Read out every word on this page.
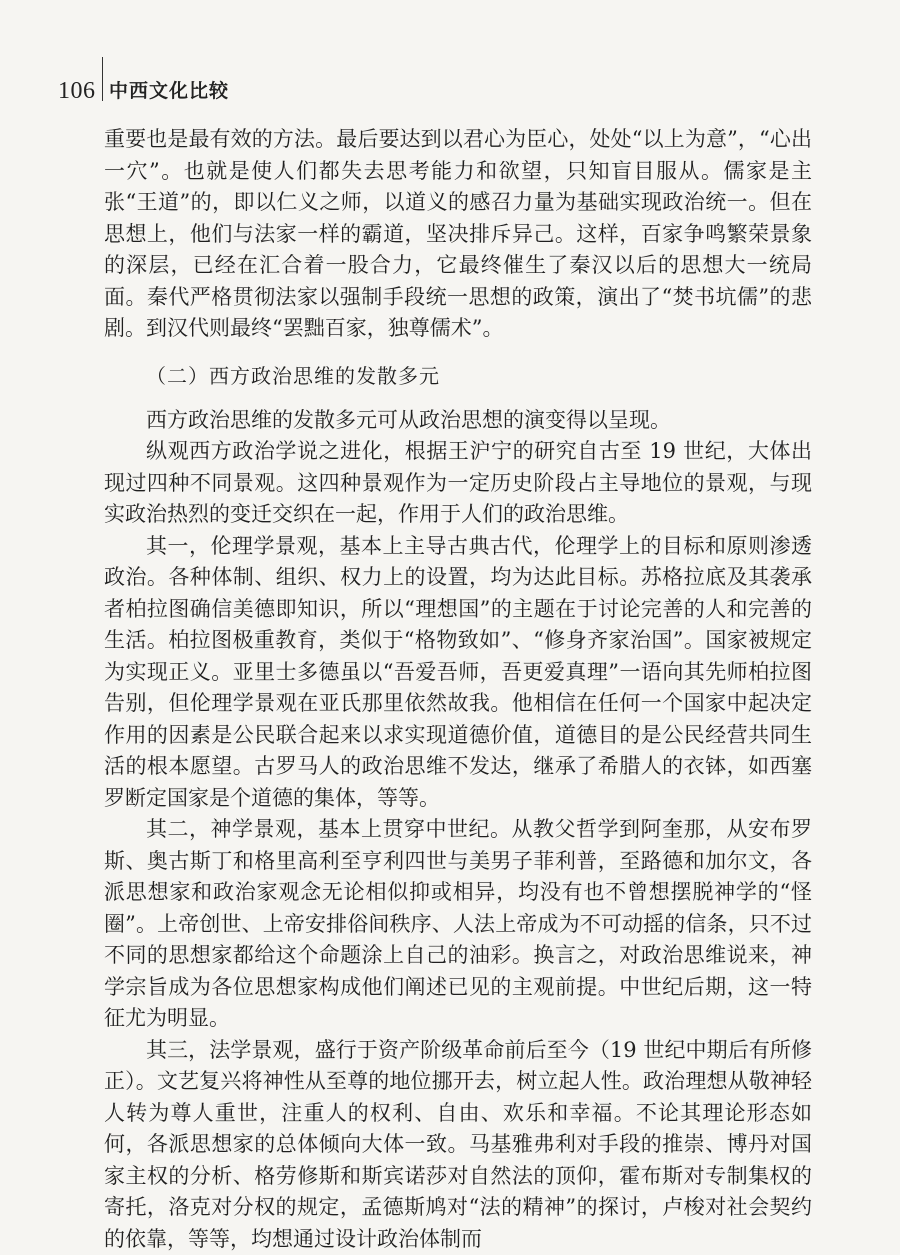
106 中西文化比较

重要也是最有效的方法。最后要达到以君心为臣心，处处“以上为意”，“心出一穴”。也就是使人们都失去思考能力和欲望，只知盲目服从。儒家是主张“王道”的，即以仁义之师，以道义的感召力量为基础实现政治统一。但在思想上，他们与法家一样的霸道，坚决排斥异己。这样，百家争鸣繁荣景象的深层，已经在汇合着一股合力，它最终催生了秦汉以后的思想大一统局面。秦代严格贯彻法家以强制手段统一思想的政策，演出了“焚书坑儒”的悲剧。到汉代则最终“罢黜百家，独尊儒术”。

（二）西方政治思维的发散多元

西方政治思维的发散多元可从政治思想的演变得以呈现。

纵观西方政治学说之进化，根据王沪宁的研究自古至 19 世纪，大体出现过四种不同景观。这四种景观作为一定历史阶段占主导地位的景观，与现实政治热烈的变迁交织在一起，作用于人们的政治思维。

其一，伦理学景观，基本上主导古典古代，伦理学上的目标和原则渗透政治。各种体制、组织、权力上的设置，均为达此目标。苏格拉底及其袭承者柏拉图确信美德即知识，所以“理想国”的主题在于讨论完善的人和完善的生活。柏拉图极重教育，类似于“格物致如”、“修身齐家治国”。国家被规定为实现正义。亚里士多德虽以“吾爱吾师，吾更爱真理”一语向其先师柏拉图告别，但伦理学景观在亚氏那里依然故我。他相信在任何一个国家中起决定作用的因素是公民联合起来以求实现道德价值，道德目的是公民经营共同生活的根本愿望。古罗马人的政治思维不发达，继承了希腊人的衣钵，如西塞罗断定国家是个道德的集体，等等。

其二，神学景观，基本上贯穿中世纪。从教父哲学到阿奎那，从安布罗斯、奥古斯丁和格里高利至亨利四世与美男子菲利普，至路德和加尔文，各派思想家和政治家观念无论相似抑或相异，均没有也不曾想摆脱神学的“怪圈”。上帝创世、上帝安排俗间秩序、人法上帝成为不可动摇的信条，只不过不同的思想家都给这个命题涂上自己的油彩。换言之，对政治思维说来，神学宗旨成为各位思想家构成他们阐述已见的主观前提。中世纪后期，这一特征尤为明显。

其三，法学景观，盛行于资产阶级革命前后至今（19 世纪中期后有所修正）。文艺复兴将神性从至尊的地位挪开去，树立起人性。政治理想从敬神轻人转为尊人重世，注重人的权利、自由、欢乐和幸福。不论其理论形态如何，各派思想家的总体倾向大体一致。马基雅弗利对手段的推崇、博丹对国家主权的分析、格劳修斯和斯宾诺莎对自然法的顶仰，霍布斯对专制集权的寄托，洛克对分权的规定，孟德斯鸠对“法的精神”的探讨，卢梭对社会契约的依靠，等等，均想通过设计政治体制而
